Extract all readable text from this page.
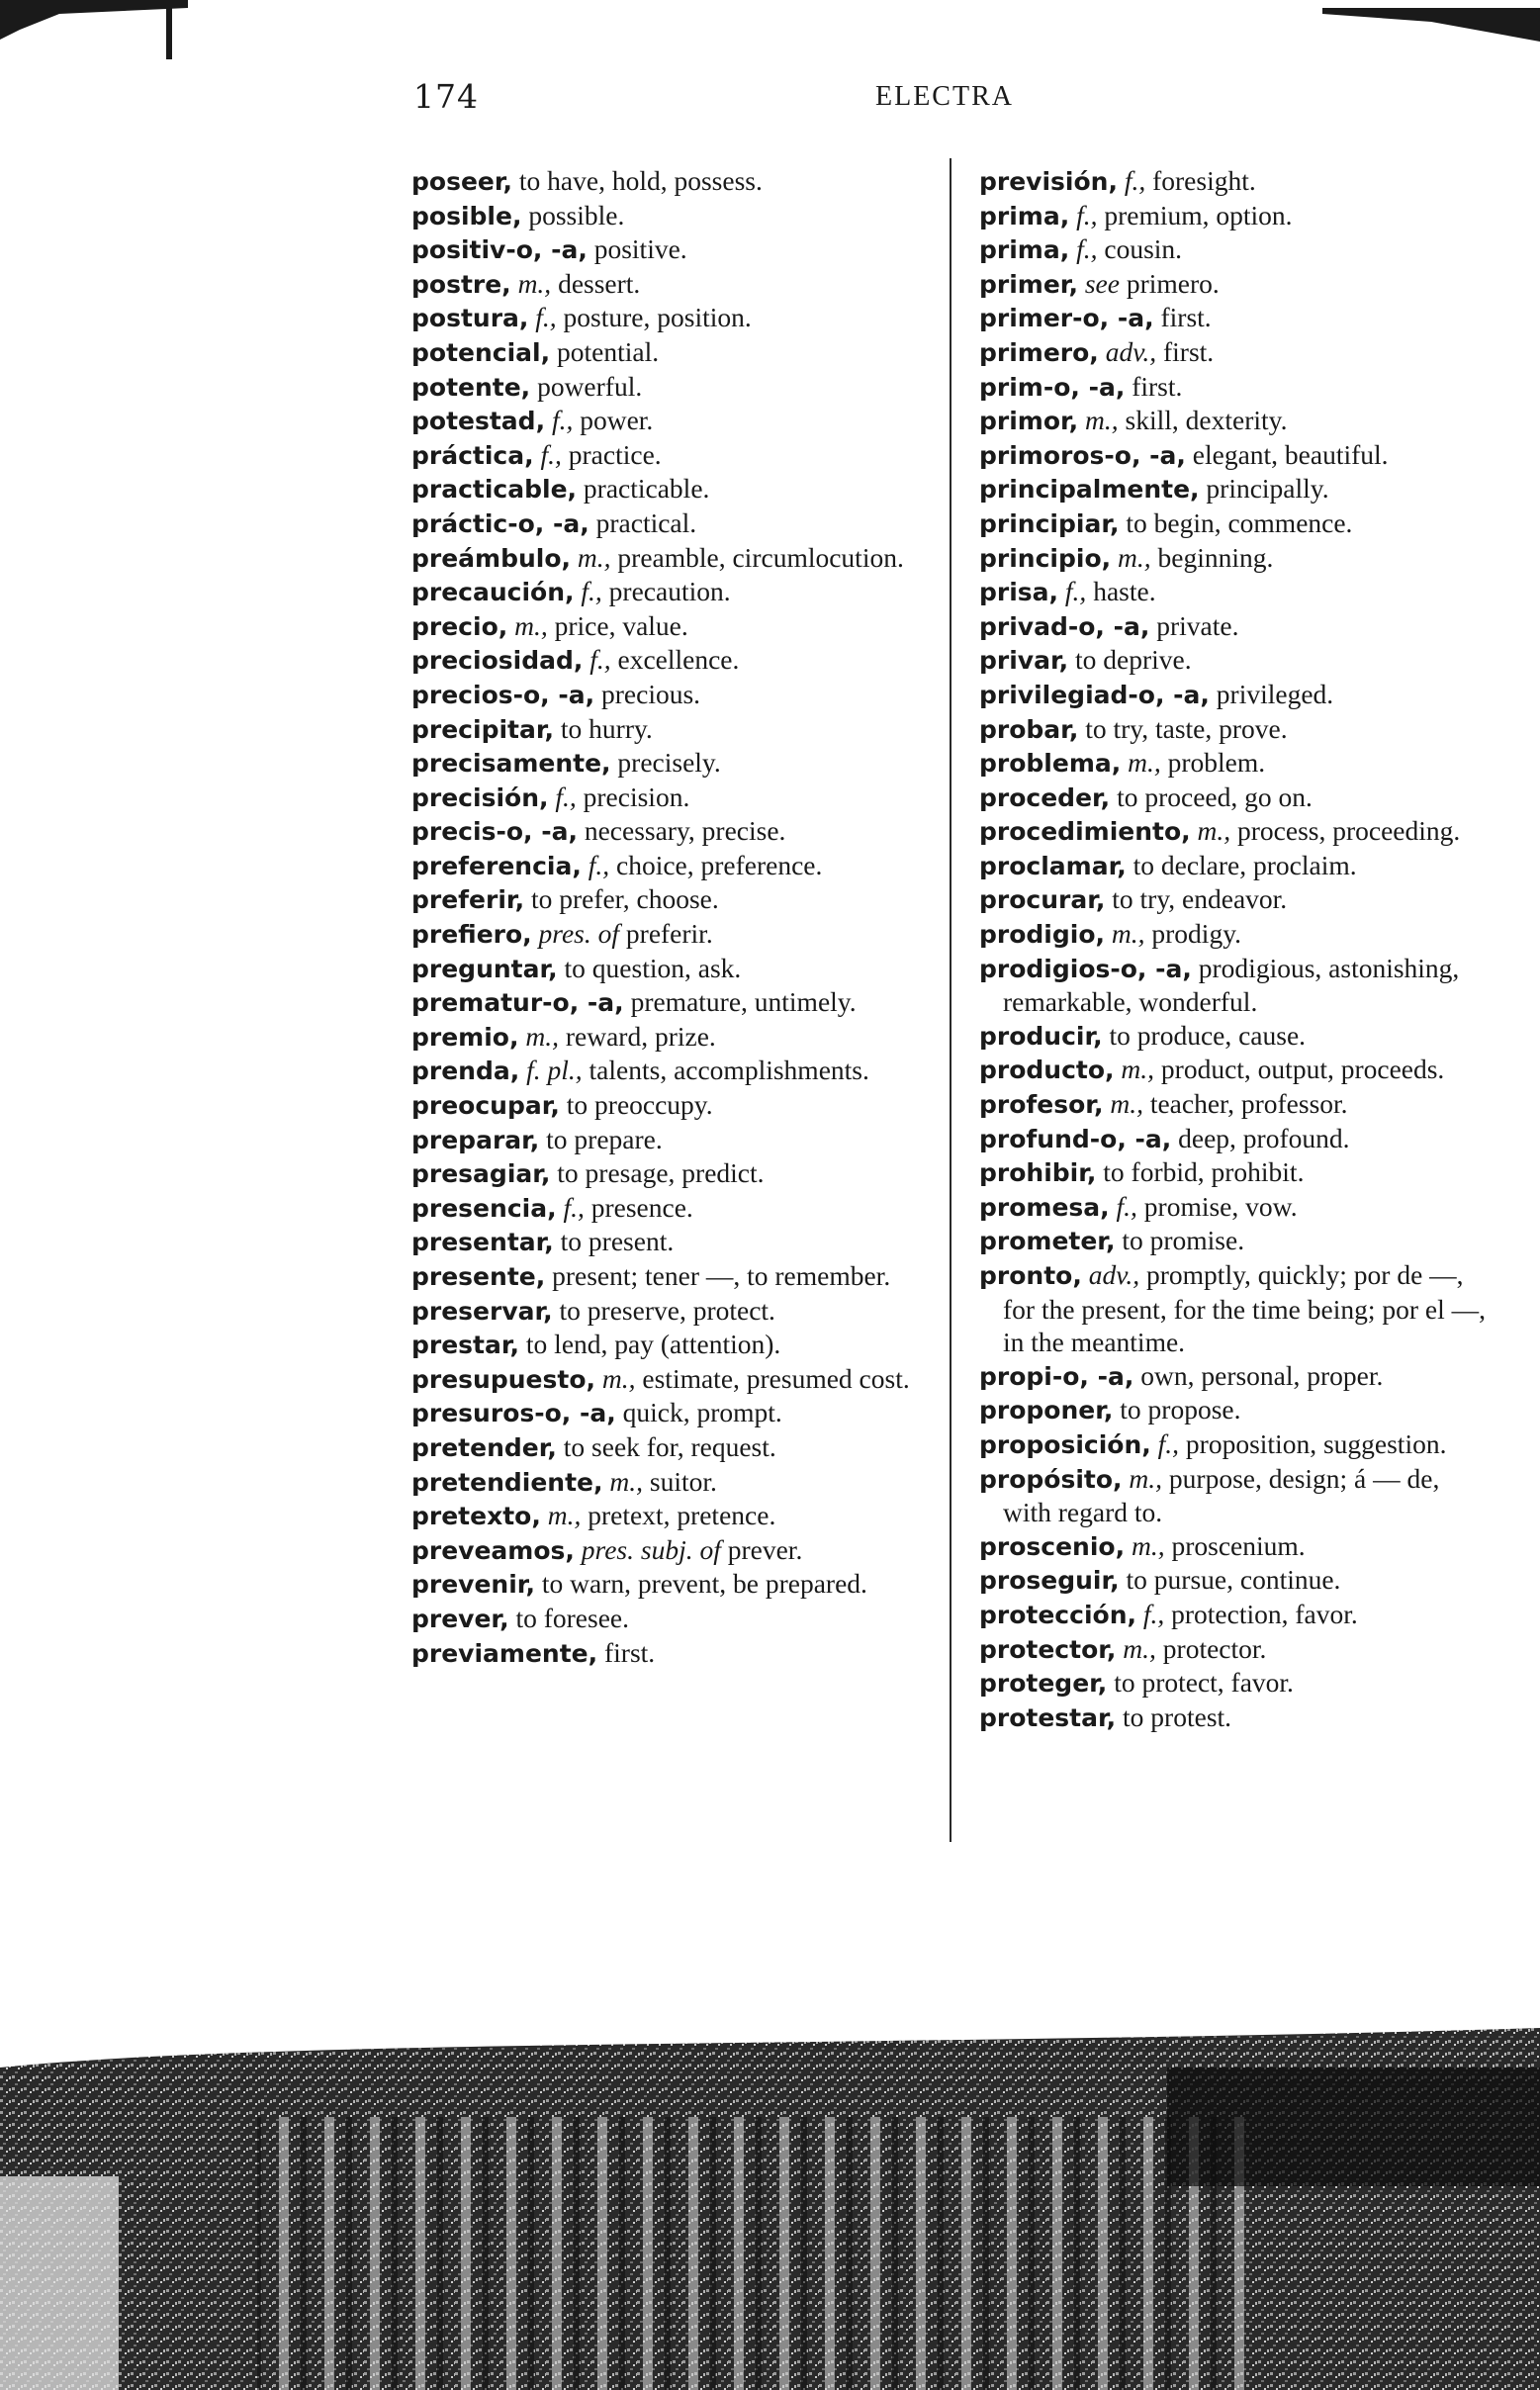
174	ELECTRA

poseer, to have, hold, possess.

posible, possible.

positiv-o, -a, positive.

postre, m., dessert.

postura, f., posture, position.

potencial, potential.

potente, powerful.

potestad, f., power.

práctica, f., practice.

practicable, practicable.

práctic-o, -a, practical.

preámbulo, m., preamble, circumlocution.

precaución, f., precaution.

precio, m., price, value.

preciosidad, f., excellence.

precios-o, -a, precious.

precipitar, to hurry.

precisamente, precisely.

precisión, f., precision.

precis-o, -a, necessary, precise.

preferencia, f., choice, preference.

preferir, to prefer, choose.

prefiero, pres. of preferir.

preguntar, to question, ask.

prematur-o, -a, premature, untimely.

premio, m., reward, prize.

prenda, f. pl., talents, accomplishments.

preocupar, to preoccupy.

preparar, to prepare.

presagiar, to presage, predict.

presencia, f., presence.

presentar, to present.

presente, present; tener —, to remember.

preservar, to preserve, protect.

prestar, to lend, pay (attention).

presupuesto, m., estimate, presumed cost.

presuros-o, -a, quick, prompt.

pretender, to seek for, request.

pretendiente, m., suitor.

pretexto, m., pretext, pretence.

preveamos, pres. subj. of prever.

prevenir, to warn, prevent, be prepared.

prever, to foresee.

previamente, first.

previsión, f., foresight.

prima, f., premium, option.

prima, f., cousin.

primer, see primero.

primer-o, -a, first.

primero, adv., first.

prim-o, -a, first.

primor, m., skill, dexterity.

primoros-o, -a, elegant, beautiful.

principalmente, principally.

principiar, to begin, commence.

principio, m., beginning.

prisa, f., haste.

privad-o, -a, private.

privar, to deprive.

privilegiad-o, -a, privileged.

probar, to try, taste, prove.

problema, m., problem.

proceder, to proceed, go on.

procedimiento, m., process, proceeding.

proclamar, to declare, proclaim.

procurar, to try, endeavor.

prodigio, m., prodigy.

prodigios-o, -a, prodigious, astonishing, remarkable, wonderful.

producir, to produce, cause.

producto, m., product, output, proceeds.

profesor, m., teacher, professor.

profund-o, -a, deep, profound.

prohibir, to forbid, prohibit.

promesa, f., promise, vow.

prometer, to promise.

pronto, adv., promptly, quickly; por de —, for the present, for the time being; por el —, in the meantime.

propi-o, -a, own, personal, proper.

proponer, to propose.

proposición, f., proposition, suggestion.

propósito, m., purpose, design; á — de, with regard to.

proscenio, m., proscenium.

proseguir, to pursue, continue.

protección, f., protection, favor.

protector, m., protector.

proteger, to protect, favor.

protestar, to protest.
